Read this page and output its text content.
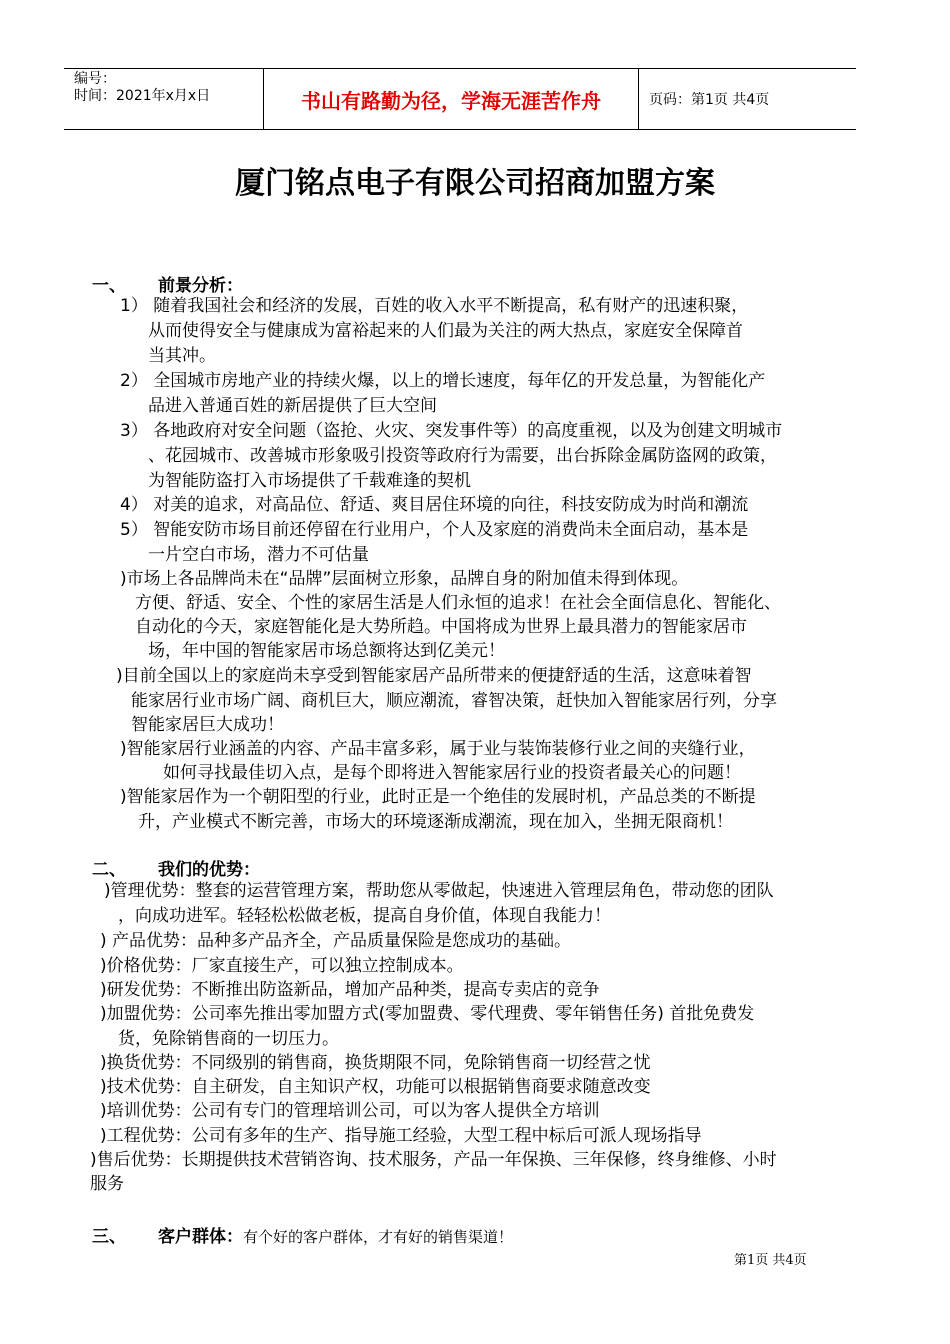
编号：
时间：2021年x月x日	书山有路勤为径，学海无涯苦作舟	页码：第1页 共4页
厦门铭点电子有限公司招商加盟方案
一、 前景分析：
1） 随着我国社会和经济的发展，百姓的收入水平不断提高，私有财产的迅速积聚，
从而使得安全与健康成为富裕起来的人们最为关注的两大热点，家庭安全保障首
当其冲。
2） 全国城市房地产业的持续火爆，以上的增长速度，每年亿的开发总量，为智能化产
品进入普通百姓的新居提供了巨大空间
3） 各地政府对安全问题（盗抢、火灾、突发事件等）的高度重视，以及为创建文明城市
、花园城市、改善城市形象吸引投资等政府行为需要，出台拆除金属防盗网的政策，
为智能防盗打入市场提供了千载难逢的契机
4） 对美的追求，对高品位、舒适、爽目居住环境的向往，科技安防成为时尚和潮流
5） 智能安防市场目前还停留在行业用户，个人及家庭的消费尚未全面启动，基本是
一片空白市场，潜力不可估量
)市场上各品牌尚未在“品牌”层面树立形象，品牌自身的附加值未得到体现。
方便、舒适、安全、个性的家居生活是人们永恒的追求！在社会全面信息化、智能化、
自动化的今天，家庭智能化是大势所趋。中国将成为世界上最具潜力的智能家居市
场，年中国的智能家居市场总额将达到亿美元！
)目前全国以上的家庭尚未享受到智能家居产品所带来的便捷舒适的生活，这意味着智
能家居行业市场广阔、商机巨大，顺应潮流，睿智决策，赶快加入智能家居行列，分享
智能家居巨大成功！
)智能家居行业涵盖的内容、产品丰富多彩，属于业与装饰装修行业之间的夹缝行业，
如何寻找最佳切入点，是每个即将进入智能家居行业的投资者最关心的问题！
)智能家居作为一个朝阳型的行业，此时正是一个绝佳的发展时机，产品总类的不断提
升，产业模式不断完善，市场大的环境逐渐成潮流，现在加入，坐拥无限商机！
二、 我们的优势：
)管理优势：整套的运营管理方案，帮助您从零做起，快速进入管理层角色，带动您的团队
，向成功进军。轻轻松松做老板，提高自身价值，体现自我能力！
) 产品优势：品种多产品齐全，产品质量保险是您成功的基础。
)价格优势：厂家直接生产，可以独立控制成本。
)研发优势：不断推出防盗新品，增加产品种类，提高专卖店的竞争
)加盟优势：公司率先推出零加盟方式(零加盟费、零代理费、零年销售任务) 首批免费发
货，免除销售商的一切压力。
)换货优势：不同级别的销售商，换货期限不同，免除销售商一切经营之忧
)技术优势：自主研发，自主知识产权，功能可以根据销售商要求随意改变
)培训优势：公司有专门的管理培训公司，可以为客人提供全方培训
)工程优势：公司有多年的生产、指导施工经验，大型工程中标后可派人现场指导
)售后优势：长期提供技术营销咨询、技术服务，产品一年保换、三年保修，终身维修、小时
服务
三、 客户群体：有个好的客户群体，才有好的销售渠道！
第1页 共4页
